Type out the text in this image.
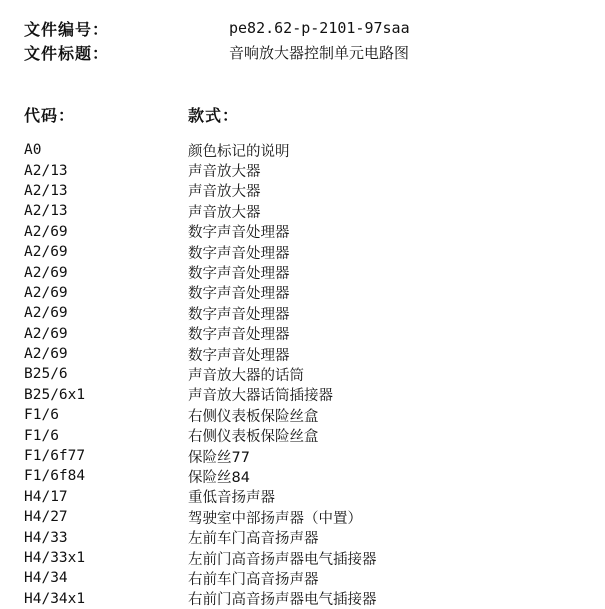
文件编号：	pe82.62-p-2101-97saa
文件标题：	音响放大器控制单元电路图
代码：	款式：
A0	颜色标记的说明
A2/13	声音放大器
A2/13	声音放大器
A2/13	声音放大器
A2/69	数字声音处理器
A2/69	数字声音处理器
A2/69	数字声音处理器
A2/69	数字声音处理器
A2/69	数字声音处理器
A2/69	数字声音处理器
A2/69	数字声音处理器
B25/6	声音放大器的话筒
B25/6x1	声音放大器话筒插接器
F1/6	右侧仪表板保险丝盒
F1/6	右侧仪表板保险丝盒
F1/6f77	保险丝77
F1/6f84	保险丝84
H4/17	重低音扬声器
H4/27	驾驶室中部扬声器（中置）
H4/33	左前车门高音扬声器
H4/33x1	左前门高音扬声器电气插接器
H4/34	右前车门高音扬声器
H4/34x1	右前门高音扬声器电气插接器
